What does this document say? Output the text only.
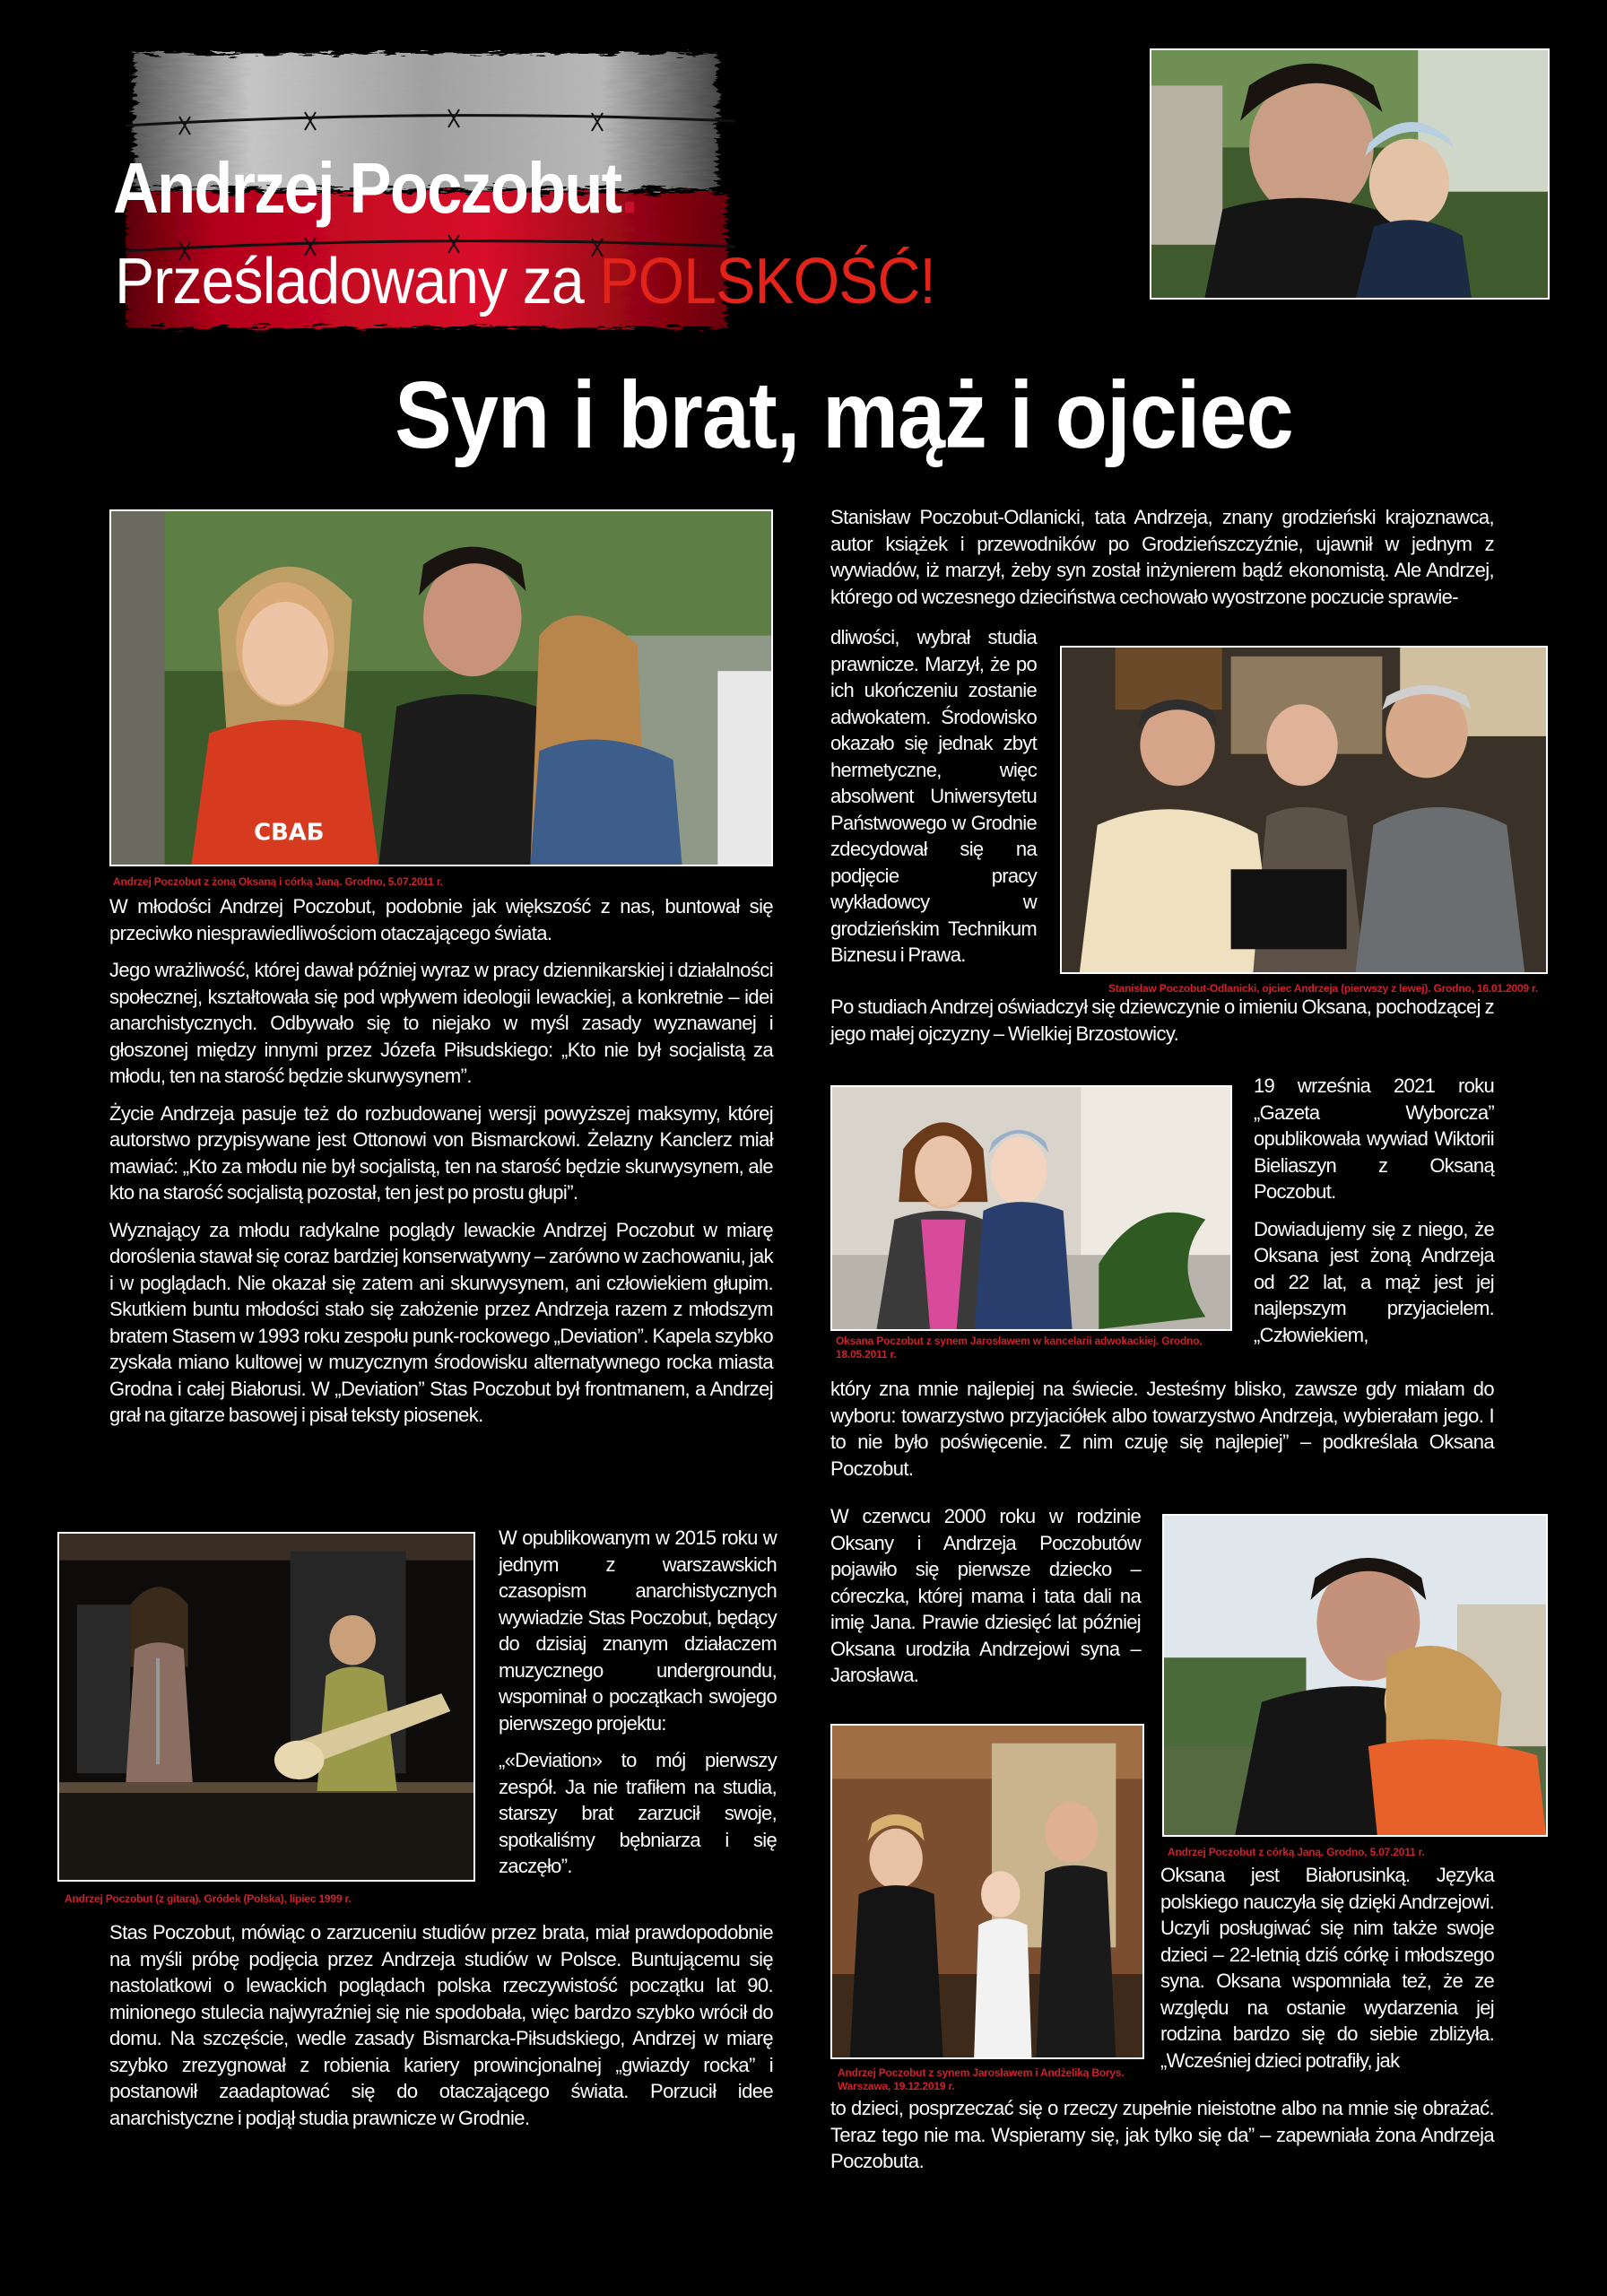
Andrzej Poczobut.
Prześladowany za POLSKOŚĆ!
Syn i brat, mąż i ojciec
СВАБ
Andrzej Poczobut z żoną Oksaną i córką Janą. Grodno, 5.07.2011 r.

W młodości Andrzej Poczobut, podobnie jak większość z nas, buntował się przeciwko niesprawiedliwościom otaczającego świata.

Jego wrażliwość, której dawał później wyraz w pracy dziennikarskiej i działalności społecznej, kształtowała się pod wpływem ideologii lewackiej, a konkretnie – idei anarchistycznych. Odbywało się to niejako w myśl zasady wyznawanej i głoszonej między innymi przez Józefa Piłsudskiego: „Kto nie był socjalistą za młodu, ten na starość będzie skurwysynem”.

Życie Andrzeja pasuje też do rozbudowanej wersji powyższej maksymy, której autorstwo przypisywane jest Ottonowi von Bismarckowi. Żelazny Kanclerz miał mawiać: „Kto za młodu nie był socjalistą, ten na starość będzie skurwysynem, ale kto na starość socjalistą pozostał, ten jest po prostu głupi”.

Wyznający za młodu radykalne poglądy lewackie Andrzej Poczobut w miarę dorośleniа stawał się coraz bardziej konserwatywny – zarówno w zachowaniu, jak i w poglądach. Nie okazał się zatem ani skurwysynem, ani człowiekiem głupim. Skutkiem buntu młodości stało się założenie przez Andrzeja razem z młodszym bratem Stasem w 1993 roku zespołu punk-rockowego „Deviation”. Kapela szybko zyskała miano kultowej w muzycznym środowisku alternatywnego rocka miasta Grodna i całej Białorusi. W „Deviation” Stas Poczobut był frontmanem, a Andrzej grał na gitarze basowej i pisał teksty piosenek.

Andrzej Poczobut (z gitarą). Gródek (Polska), lipiec 1999 r.

W opublikowanym w 2015 roku w jednym z warszawskich czasopism anarchistycznych wywiadzie Stas Poczobut, będący do dzisiaj znanym działaczem muzycznego undergroundu, wspominał o początkach swojego pierwszego projektu:

„«Deviation» to mój pierwszy zespół. Ja nie trafiłem na studia, starszy brat zarzucił swoje, spotkaliśmy bębniarza i się zaczęło”.

Stas Poczobut, mówiąc o zarzuceniu studiów przez brata, miał prawdopodobnie na myśli próbę podjęcia przez Andrzeja studiów w Polsce. Buntującemu się nastolatkowi o lewackich poglądach polska rzeczywistość początku lat 90. minionego stulecia najwyraźniej się nie spodobała, więc bardzo szybko wrócił do domu. Na szczęście, wedle zasady Bismarcka-Piłsudskiego, Andrzej w miarę szybko zrezygnował z robienia kariery prowincjonalnej „gwiazdy rocka” i postanowił zaadaptować się do otaczającego świata. Porzucił idee anarchistyczne i podjął studia prawnicze w Grodnie.

Stanisław Poczobut-Odlanicki, tata Andrzeja, znany grodzieński krajoznawca, autor książek i przewodników po Grodzieńszczyźnie, ujawnił w jednym z wywiadów, iż marzył, żeby syn został inżynierem bądź ekonomistą. Ale Andrzej, którego od wczesnego dzieciństwa cechowało wyostrzone poczucie sprawie-

dliwości, wybrał studia prawnicze. Marzył, że po ich ukończeniu zostanie adwokatem. Środowisko okazało się jednak zbyt hermetyczne, więc absolwent Uniwersytetu Państwowego w Grodnie zdecydował się na podjęcie pracy wykładowcy w grodzieńskim Technikum Biznesu i Prawa.

Stanisław Poczobut-Odlanicki, ojciec Andrzeja (pierwszy z lewej). Grodno, 16.01.2009 r.

Po studiach Andrzej oświadczył się dziewczynie o imieniu Oksana, pochodzącej z jego małej ojczyzny – Wielkiej Brzostowicy.

Oksana Poczobut z synem Jarosławem w kancelarii adwokackiej. Grodno, 18.05.2011 r.

19 września 2021 roku „Gazeta Wyborcza” opublikowała wywiad Wiktorii Bieliaszyn z Oksaną Poczobut.

Dowiadujemy się z niego, że Oksana jest żoną Andrzeja od 22 lat, a mąż jest jej najlepszym przyjacielem. „Człowiekiem,

który zna mnie najlepiej na świecie. Jesteśmy blisko, zawsze gdy miałam do wyboru: towarzystwo przyjaciółek albo towarzystwo Andrzeja, wybierałam jego. I to nie było poświęcenie. Z nim czuję się najlepiej” – podkreślała Oksana Poczobut.

W czerwcu 2000 roku w rodzinie Oksany i Andrzeja Poczobutów pojawiło się pierwsze dziecko – córeczka, której mama i tata dali na imię Jana. Prawie dziesięć lat później Oksana urodziła Andrzejowi syna – Jarosława.

Andrzej Poczobut z córką Janą. Grodno, 5.07.2011 r.
Andrzej Poczobut z synem Jarosławem i Andżeliką Borys. Warszawa, 19.12.2019 r.

Oksana jest Białorusinką. Języka polskiego nauczyła się dzięki Andrzejowi. Uczyli posługiwać się nim także swoje dzieci – 22-letnią dziś córkę i młodszego syna. Oksana wspomniała też, że ze względu na ostanie wydarzenia jej rodzina bardzo się do siebie zbliżyła. „Wcześniej dzieci potrafiły, jak

to dzieci, posprzeczać się o rzeczy zupełnie nieistotne albo na mnie się obrażać. Teraz tego nie ma. Wspieramy się, jak tylko się da” – zapewniała żona Andrzeja Poczobuta.
